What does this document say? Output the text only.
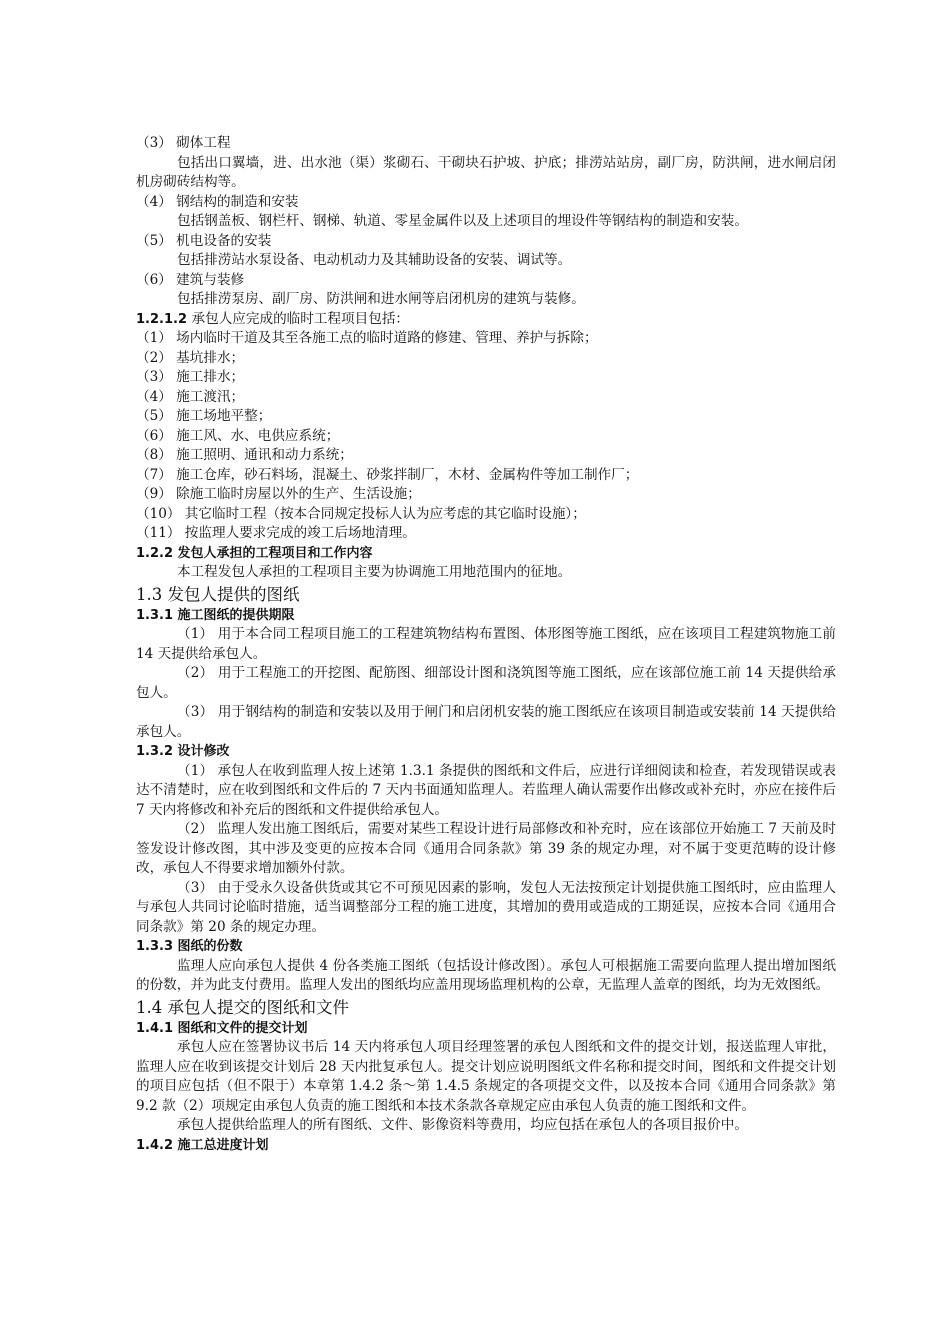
（3） 砌体工程

包括出口翼墙，进、出水池（渠）浆砌石、干砌块石护坡、护底；排涝站站房，副厂房，防洪闸，进水闸启闭机房砌砖结构等。

（4） 钢结构的制造和安装

包括钢盖板、钢栏杆、钢梯、轨道、零星金属件以及上述项目的埋设件等钢结构的制造和安装。

（5） 机电设备的安装

包括排涝站水泵设备、电动机动力及其辅助设备的安装、调试等。

（6） 建筑与装修

包括排涝泵房、副厂房、防洪闸和进水闸等启闭机房的建筑与装修。

1.2.1.2 承包人应完成的临时工程项目包括：

（1） 场内临时干道及其至各施工点的临时道路的修建、管理、养护与拆除；

（2） 基坑排水；

（3） 施工排水；

（4） 施工渡汛；

（5） 施工场地平整；

（6） 施工风、水、电供应系统；

（8） 施工照明、通讯和动力系统；

（7） 施工仓库，砂石料场，混凝土、砂浆拌制厂，木材、金属构件等加工制作厂；

（9） 除施工临时房屋以外的生产、生活设施；

（10） 其它临时工程（按本合同规定投标人认为应考虑的其它临时设施）；

（11） 按监理人要求完成的竣工后场地清理。

1.2.2 发包人承担的工程项目和工作内容

本工程发包人承担的工程项目主要为协调施工用地范围内的征地。

1.3 发包人提供的图纸

1.3.1 施工图纸的提供期限

（1） 用于本合同工程项目施工的工程建筑物结构布置图、体形图等施工图纸，应在该项目工程建筑物施工前 14 天提供给承包人。

（2） 用于工程施工的开挖图、配筋图、细部设计图和浇筑图等施工图纸，应在该部位施工前 14 天提供给承包人。

（3） 用于钢结构的制造和安装以及用于闸门和启闭机安装的施工图纸应在该项目制造或安装前 14 天提供给承包人。

1.3.2 设计修改

（1） 承包人在收到监理人按上述第 1.3.1 条提供的图纸和文件后，应进行详细阅读和检查，若发现错误或表达不清楚时，应在收到图纸和文件后的 7 天内书面通知监理人。若监理人确认需要作出修改或补充时，亦应在接件后 7 天内将修改和补充后的图纸和文件提供给承包人。

（2） 监理人发出施工图纸后，需要对某些工程设计进行局部修改和补充时，应在该部位开始施工 7 天前及时签发设计修改图，其中涉及变更的应按本合同《通用合同条款》第 39 条的规定办理，对不属于变更范畴的设计修改，承包人不得要求增加额外付款。

（3） 由于受永久设备供货或其它不可预见因素的影响，发包人无法按预定计划提供施工图纸时，应由监理人与承包人共同讨论临时措施，适当调整部分工程的施工进度，其增加的费用或造成的工期延误，应按本合同《通用合同条款》第 20 条的规定办理。

1.3.3 图纸的份数

监理人应向承包人提供 4 份各类施工图纸（包括设计修改图）。承包人可根据施工需要向监理人提出增加图纸的份数，并为此支付费用。监理人发出的图纸均应盖用现场监理机构的公章，无监理人盖章的图纸，均为无效图纸。

1.4 承包人提交的图纸和文件

1.4.1 图纸和文件的提交计划

承包人应在签署协议书后 14 天内将承包人项目经理签署的承包人图纸和文件的提交计划，报送监理人审批，监理人应在收到该提交计划后 28 天内批复承包人。提交计划应说明图纸文件名称和提交时间，图纸和文件提交计划的项目应包括（但不限于）本章第 1.4.2 条～第 1.4.5 条规定的各项提交文件，以及按本合同《通用合同条款》第 9.2 款（2）项规定由承包人负责的施工图纸和本技术条款各章规定应由承包人负责的施工图纸和文件。

承包人提供给监理人的所有图纸、文件、影像资料等费用，均应包括在承包人的各项目报价中。

1.4.2 施工总进度计划
